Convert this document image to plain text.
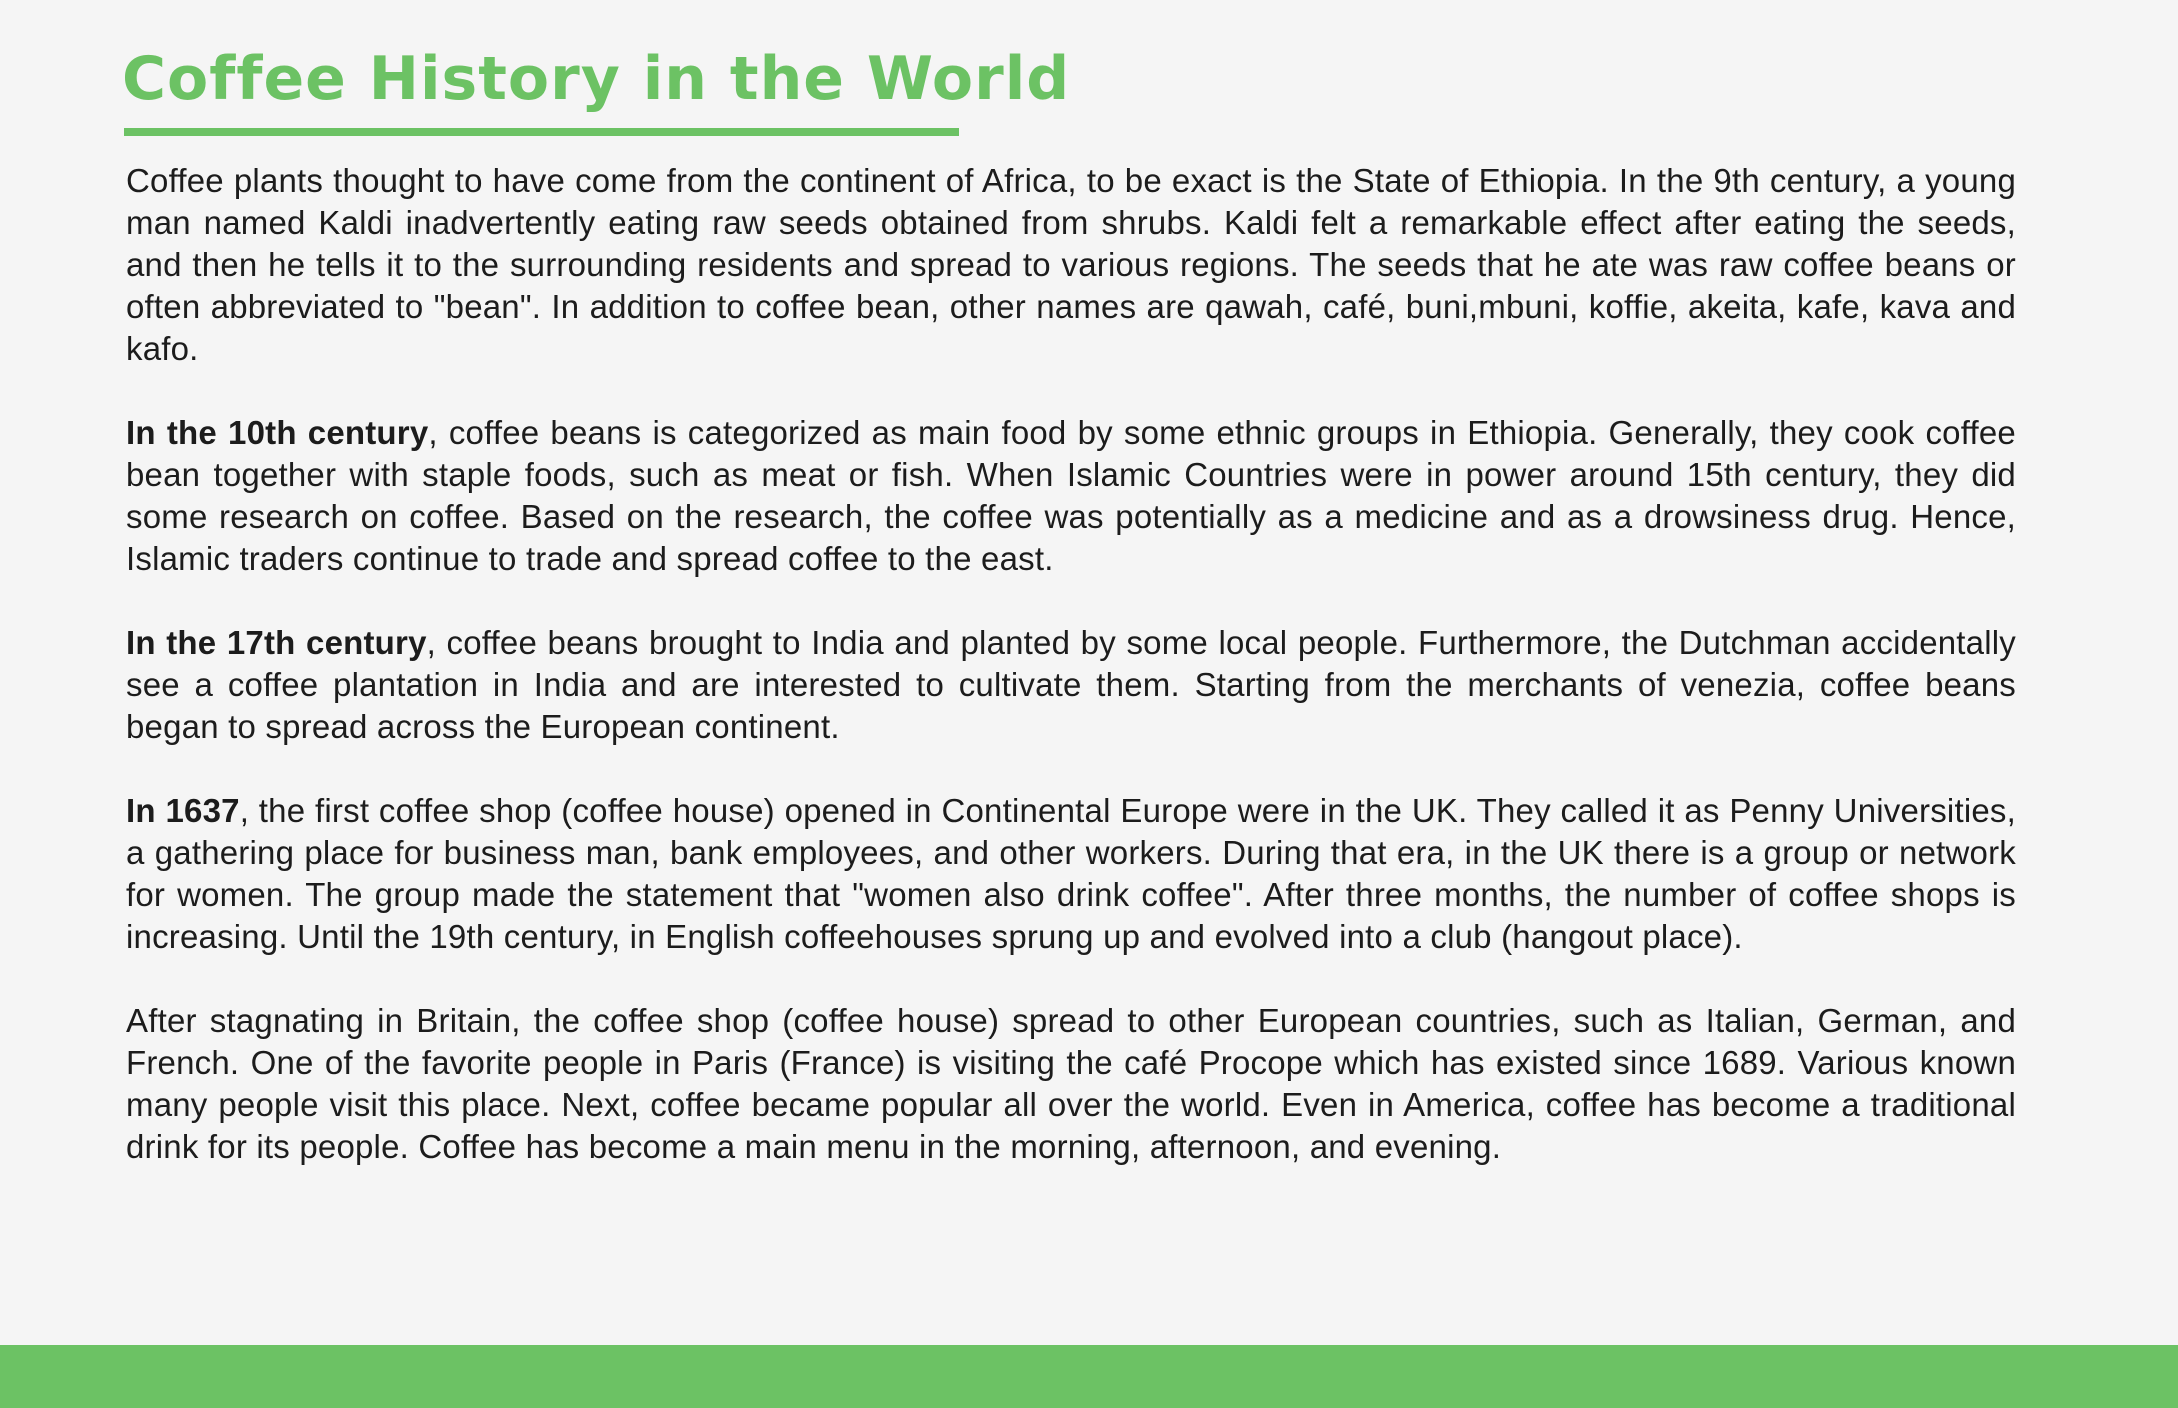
Coffee History in the World

Coffee plants thought to have come from the continent of Africa, to be exact is the State of Ethiopia. In the 9th century, a young man named Kaldi inadvertently eating raw seeds obtained from shrubs. Kaldi felt a remarkable effect after eating the seeds, and then he tells it to the surrounding residents and spread to various regions. The seeds that he ate was raw coffee beans or often abbreviated to "bean". In addition to coffee bean, other names are qawah, café, buni,mbuni, koffie, akeita, kafe, kava and kafo.

In the 10th century, coffee beans is categorized as main food by some ethnic groups in Ethiopia. Generally, they cook coffee bean together with staple foods, such as meat or fish. When Islamic Countries were in power around 15th century, they did some research on coffee. Based on the research, the coffee was potentially as a medicine and as a drowsiness drug. Hence, Islamic traders continue to trade and spread coffee to the east.

In the 17th century, coffee beans brought to India and planted by some local people. Furthermore, the Dutchman accidentally see a coffee plantation in India and are interested to cultivate them. Starting from the merchants of venezia, coffee beans began to spread across the European continent.

In 1637, the first coffee shop (coffee house) opened in Continental Europe were in the UK. They called it as Penny Universities, a gathering place for business man, bank employees, and other workers. During that era, in the UK there is a group or network for women. The group made the statement that "women also drink coffee". After three months, the number of coffee shops is increasing. Until the 19th century, in English coffeehouses sprung up and evolved into a club (hangout place).

After stagnating in Britain, the coffee shop (coffee house) spread to other European countries, such as Italian, German, and French. One of the favorite people in Paris (France) is visiting the café Procope which has existed since 1689. Various known many people visit this place. Next, coffee became popular all over the world. Even in America, coffee has become a traditional drink for its people. Coffee has become a main menu in the morning, afternoon, and evening.
